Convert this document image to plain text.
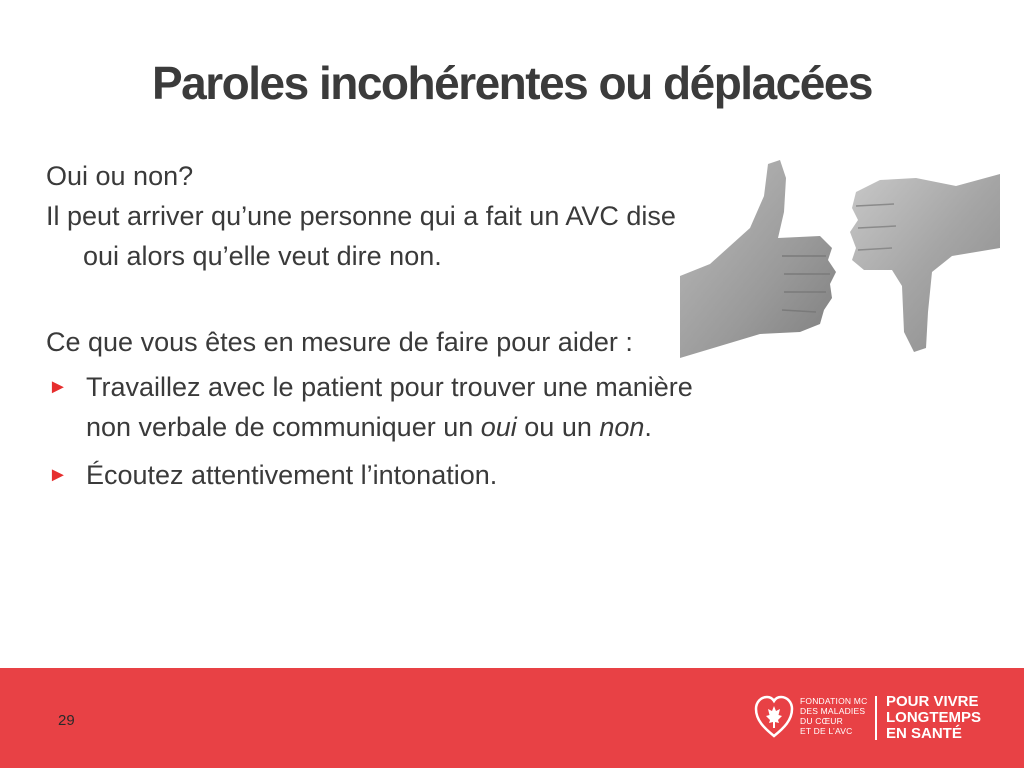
Paroles incohérentes ou déplacées

Oui ou non?

Il peut arriver qu’une personne qui a fait un AVC dise oui alors qu’elle veut dire non.

Ce que vous êtes en mesure de faire pour aider :

► Travaillez avec le patient pour trouver une manière non verbale de communiquer un oui ou un non.
► Écoutez attentivement l’intonation.
29
FONDATION MC
DES MALADIES
DU CŒUR
ET DE L’AVC
POUR VIVRE
LONGTEMPS
EN SANTÉ
